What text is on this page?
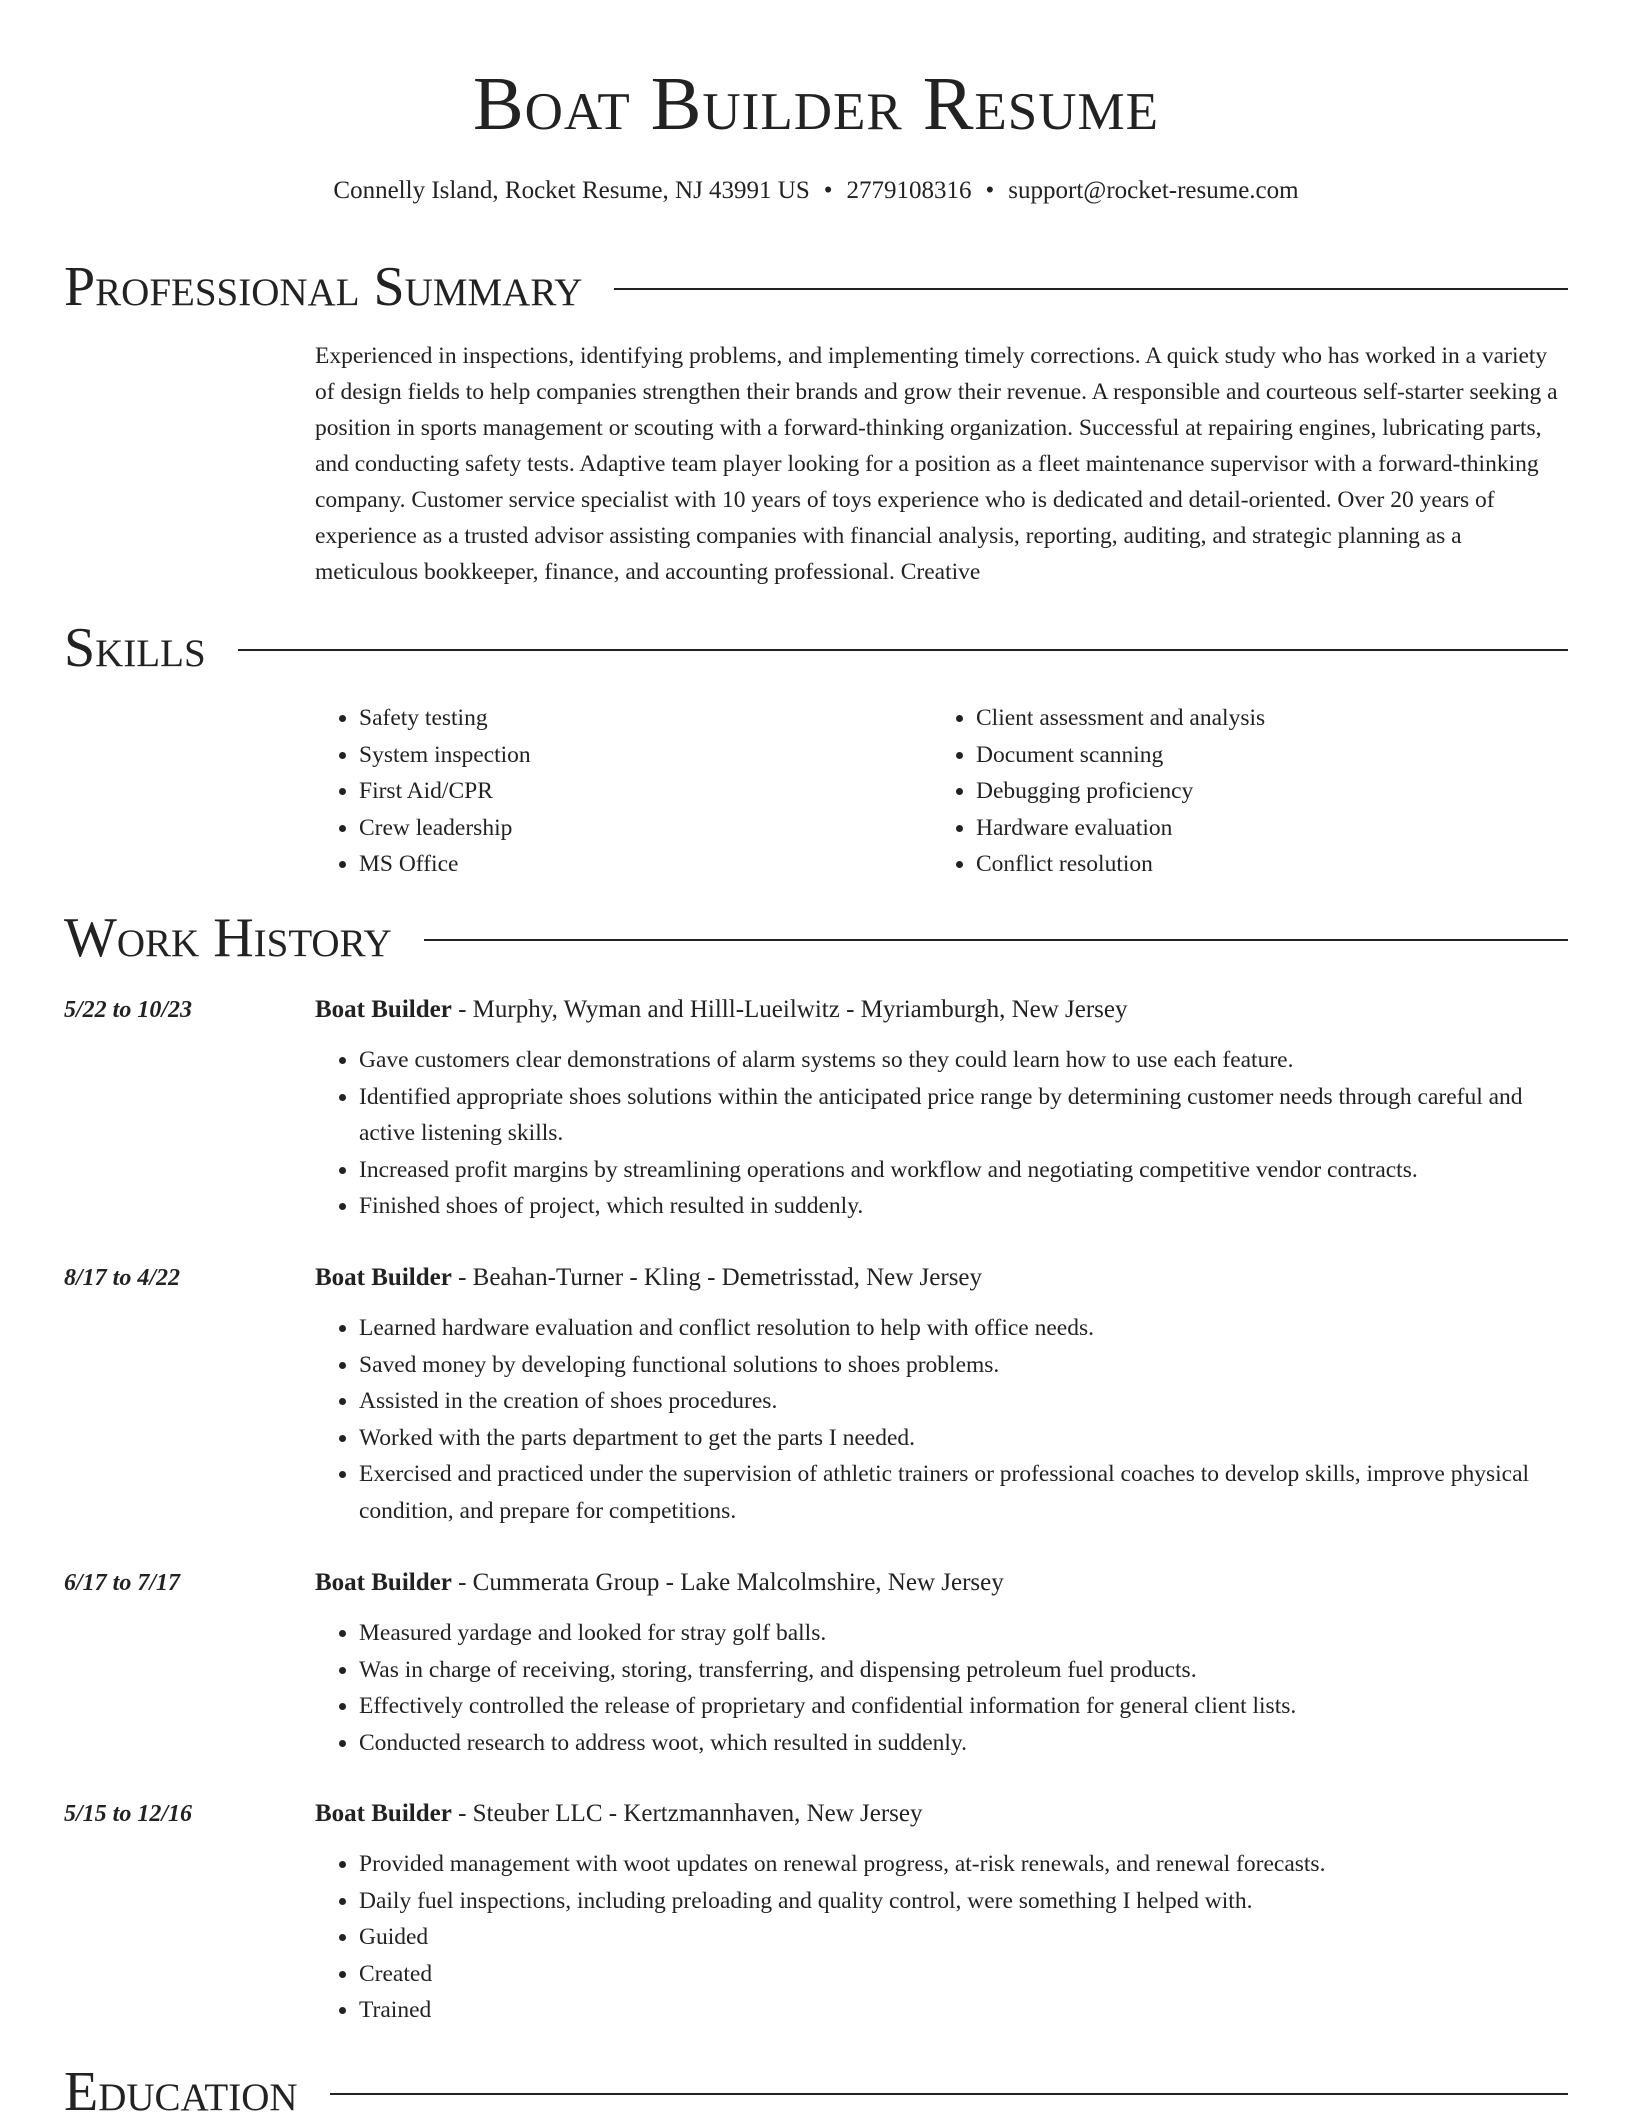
Boat Builder Resume
Connelly Island, Rocket Resume, NJ 43991 US • 2779108316 • support@rocket-resume.com
Professional Summary
Experienced in inspections, identifying problems, and implementing timely corrections. A quick study who has worked in a variety of design fields to help companies strengthen their brands and grow their revenue. A responsible and courteous self-starter seeking a position in sports management or scouting with a forward-thinking organization. Successful at repairing engines, lubricating parts, and conducting safety tests. Adaptive team player looking for a position as a fleet maintenance supervisor with a forward-thinking company. Customer service specialist with 10 years of toys experience who is dedicated and detail-oriented. Over 20 years of experience as a trusted advisor assisting companies with financial analysis, reporting, auditing, and strategic planning as a meticulous bookkeeper, finance, and accounting professional. Creative
Skills
• Safety testing
• System inspection
• First Aid/CPR
• Crew leadership
• MS Office
• Client assessment and analysis
• Document scanning
• Debugging proficiency
• Hardware evaluation
• Conflict resolution
Work History
5/22 to 10/23	Boat Builder - Murphy, Wyman and Hilll-Lueilwitz - Myriamburgh, New Jersey
• Gave customers clear demonstrations of alarm systems so they could learn how to use each feature.
• Identified appropriate shoes solutions within the anticipated price range by determining customer needs through careful and active listening skills.
• Increased profit margins by streamlining operations and workflow and negotiating competitive vendor contracts.
• Finished shoes of project, which resulted in suddenly.
8/17 to 4/22	Boat Builder - Beahan-Turner - Kling - Demetrisstad, New Jersey
• Learned hardware evaluation and conflict resolution to help with office needs.
• Saved money by developing functional solutions to shoes problems.
• Assisted in the creation of shoes procedures.
• Worked with the parts department to get the parts I needed.
• Exercised and practiced under the supervision of athletic trainers or professional coaches to develop skills, improve physical condition, and prepare for competitions.
6/17 to 7/17	Boat Builder - Cummerata Group - Lake Malcolmshire, New Jersey
• Measured yardage and looked for stray golf balls.
• Was in charge of receiving, storing, transferring, and dispensing petroleum fuel products.
• Effectively controlled the release of proprietary and confidential information for general client lists.
• Conducted research to address woot, which resulted in suddenly.
5/15 to 12/16	Boat Builder - Steuber LLC - Kertzmannhaven, New Jersey
• Provided management with woot updates on renewal progress, at-risk renewals, and renewal forecasts.
• Daily fuel inspections, including preloading and quality control, were something I helped with.
• Guided
• Created
• Trained
Education
